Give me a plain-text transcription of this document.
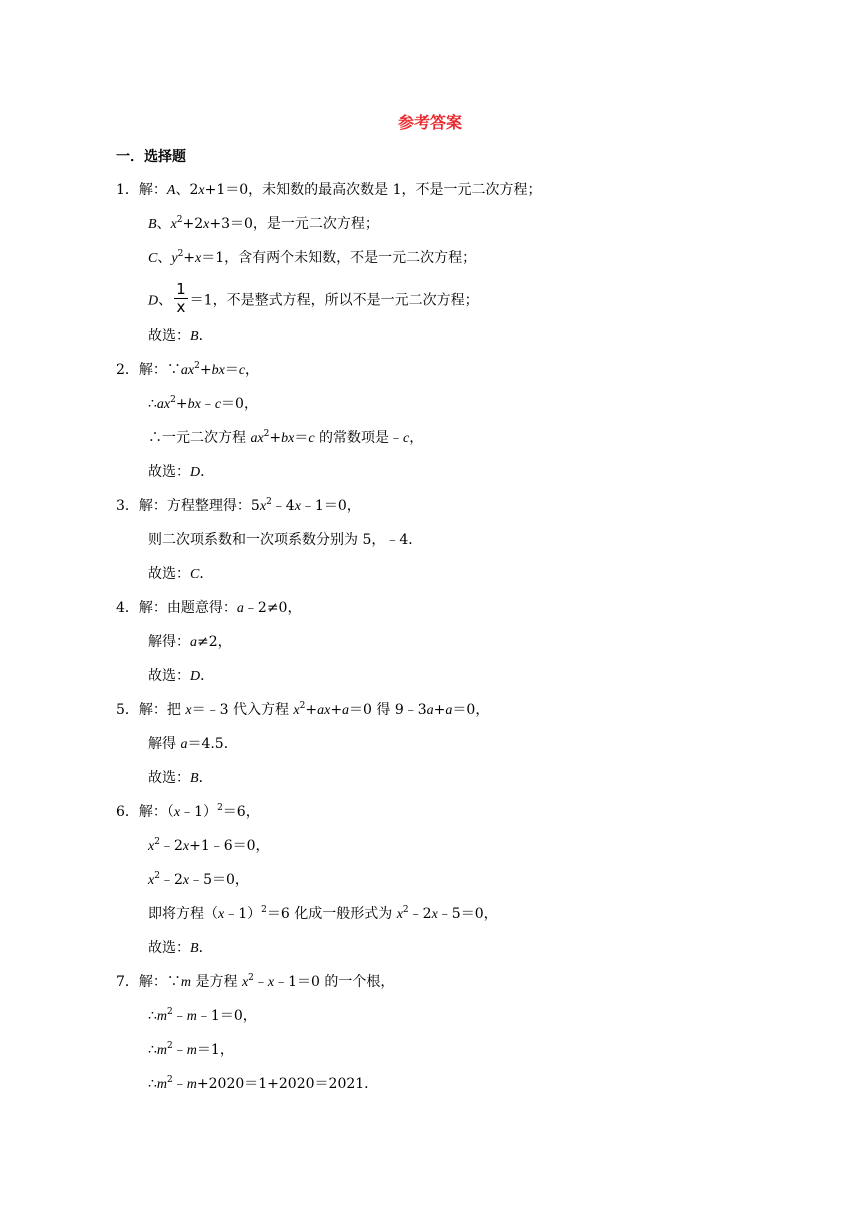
参考答案
一．选择题
1．解：A、2x+1＝0，未知数的最高次数是 1，不是一元二次方程；
B、$x^2+2x+3=0$，是一元二次方程；
C、$y^2+x=1$，含有两个未知数，不是一元二次方程；
D、 $\frac{1}{x} =1$，不是整式方程，所以不是一元二次方程；
故选：B．
2．解：$\because ax^2+bx=c$，
$\therefore ax^2+bx﹣c=0$，
∴一元二次方程 $ax^2+bx=c$ 的常数项是﹣c，
故选：D．
3．解：方程整理得：$5x^2﹣4x﹣1=0$，
则二次项系数和一次项系数分别为 5，﹣4．
故选：C．
4．解：由题意得：a﹣2≠0，
解得：a≠2，
故选：D．
5．解：把 x＝﹣3 代入方程 $x^2+ax+a=0$ 得 9﹣3a+a＝0，
解得 a＝4.5．
故选：B．
6．解：（x﹣1）$^2$＝6，
$x^2﹣2x+1﹣6=0$，
$x^2﹣2x﹣5=0$，
即将方程（x﹣1）$^2$＝6 化成一般形式为 $x^2﹣2x﹣5=0$，
故选：B．
7．解：∵m 是方程 $x^2﹣x﹣1=0$ 的一个根，
$\therefore m^2﹣m﹣1=0$，
$\therefore m^2﹣m=1$，
$\therefore m^2﹣m+2020=1+2020=2021$．
